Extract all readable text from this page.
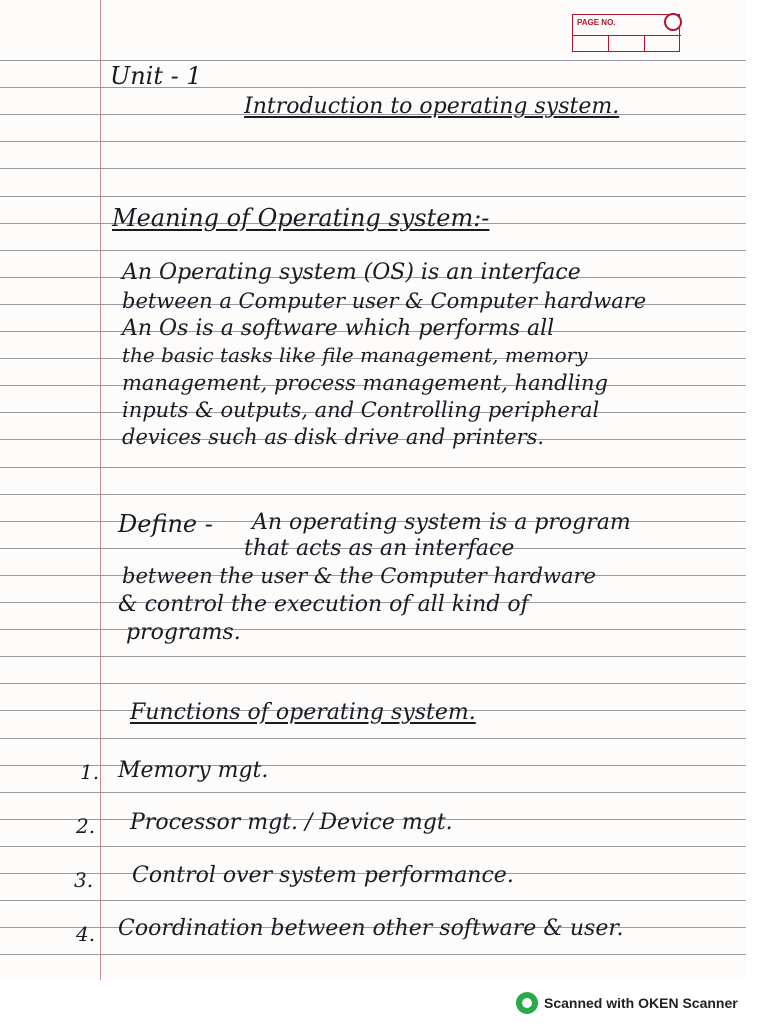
PAGE NO.
Unit - 1
Introduction to operating system.
Meaning of Operating system:-
An Operating system (OS) is an interface
between a Computer user & Computer hardware
An Os is a software which performs all
the basic tasks like file management, memory
management, process management, handling
inputs & outputs, and Controlling peripheral
devices such as disk drive and printers.
Define - An operating system is a program
that acts as an interface
between the user & the Computer hardware
& control the execution of all kind of
programs.
Functions of operating system.
1. Memory mgt.
2. Processor mgt. / Device mgt.
3. Control over system performance.
4. Coordination between other software & user.
Scanned with OKEN Scanner
